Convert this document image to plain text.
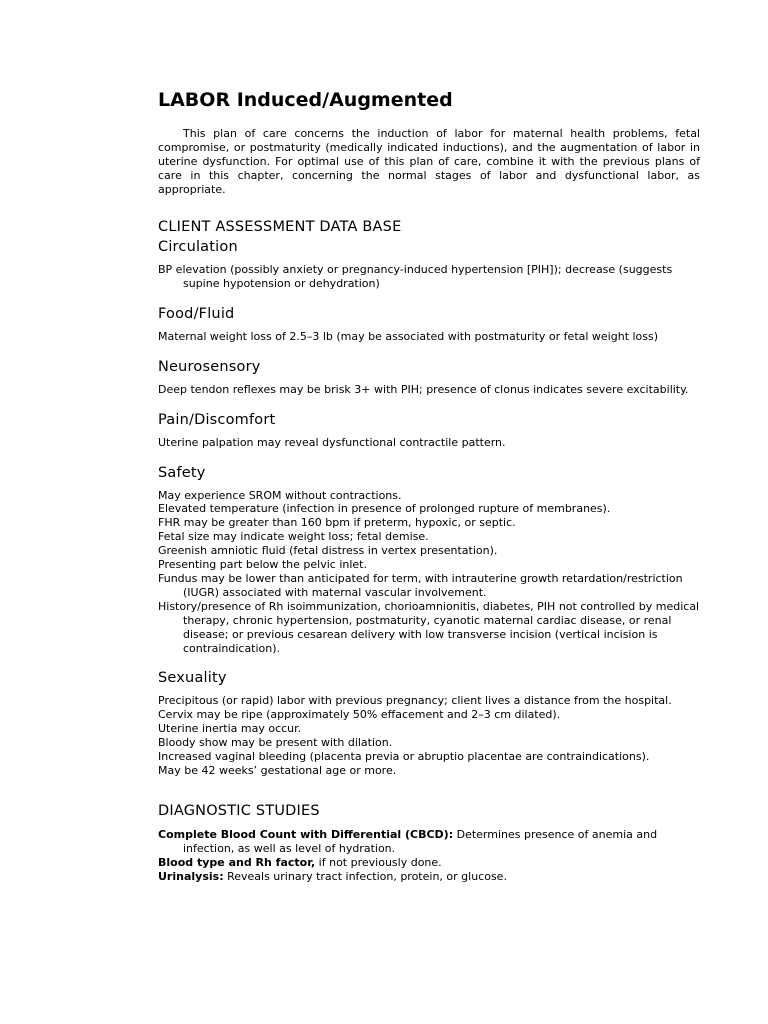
LABOR Induced/Augmented

This plan of care concerns the induction of labor for maternal health problems, fetal compromise, or postmaturity (medically indicated inductions), and the augmentation of labor in uterine dysfunction. For optimal use of this plan of care, combine it with the previous plans of care in this chapter, concerning the normal stages of labor and dysfunctional labor, as appropriate.

CLIENT ASSESSMENT DATA BASE
Circulation

BP elevation (possibly anxiety or pregnancy-induced hypertension [PIH]); decrease (suggests supine hypotension or dehydration)

Food/Fluid

Maternal weight loss of 2.5–3 lb (may be associated with postmaturity or fetal weight loss)

Neurosensory

Deep tendon reflexes may be brisk 3+ with PIH; presence of clonus indicates severe excitability.

Pain/Discomfort

Uterine palpation may reveal dysfunctional contractile pattern.

Safety

May experience SROM without contractions.

Elevated temperature (infection in presence of prolonged rupture of membranes).

FHR may be greater than 160 bpm if preterm, hypoxic, or septic.

Fetal size may indicate weight loss; fetal demise.

Greenish amniotic fluid (fetal distress in vertex presentation).

Presenting part below the pelvic inlet.

Fundus may be lower than anticipated for term, with intrauterine growth retardation/restriction (IUGR) associated with maternal vascular involvement.

History/presence of Rh isoimmunization, chorioamnionitis, diabetes, PIH not controlled by medical therapy, chronic hypertension, postmaturity, cyanotic maternal cardiac disease, or renal disease; or previous cesarean delivery with low transverse incision (vertical incision is contraindication).

Sexuality

Precipitous (or rapid) labor with previous pregnancy; client lives a distance from the hospital.

Cervix may be ripe (approximately 50% effacement and 2–3 cm dilated).

Uterine inertia may occur.

Bloody show may be present with dilation.

Increased vaginal bleeding (placenta previa or abruptio placentae are contraindications).

May be 42 weeks’ gestational age or more.

DIAGNOSTIC STUDIES

Complete Blood Count with Differential (CBCD): Determines presence of anemia and infection, as well as level of hydration.

Blood type and Rh factor, if not previously done.

Urinalysis: Reveals urinary tract infection, protein, or glucose.
